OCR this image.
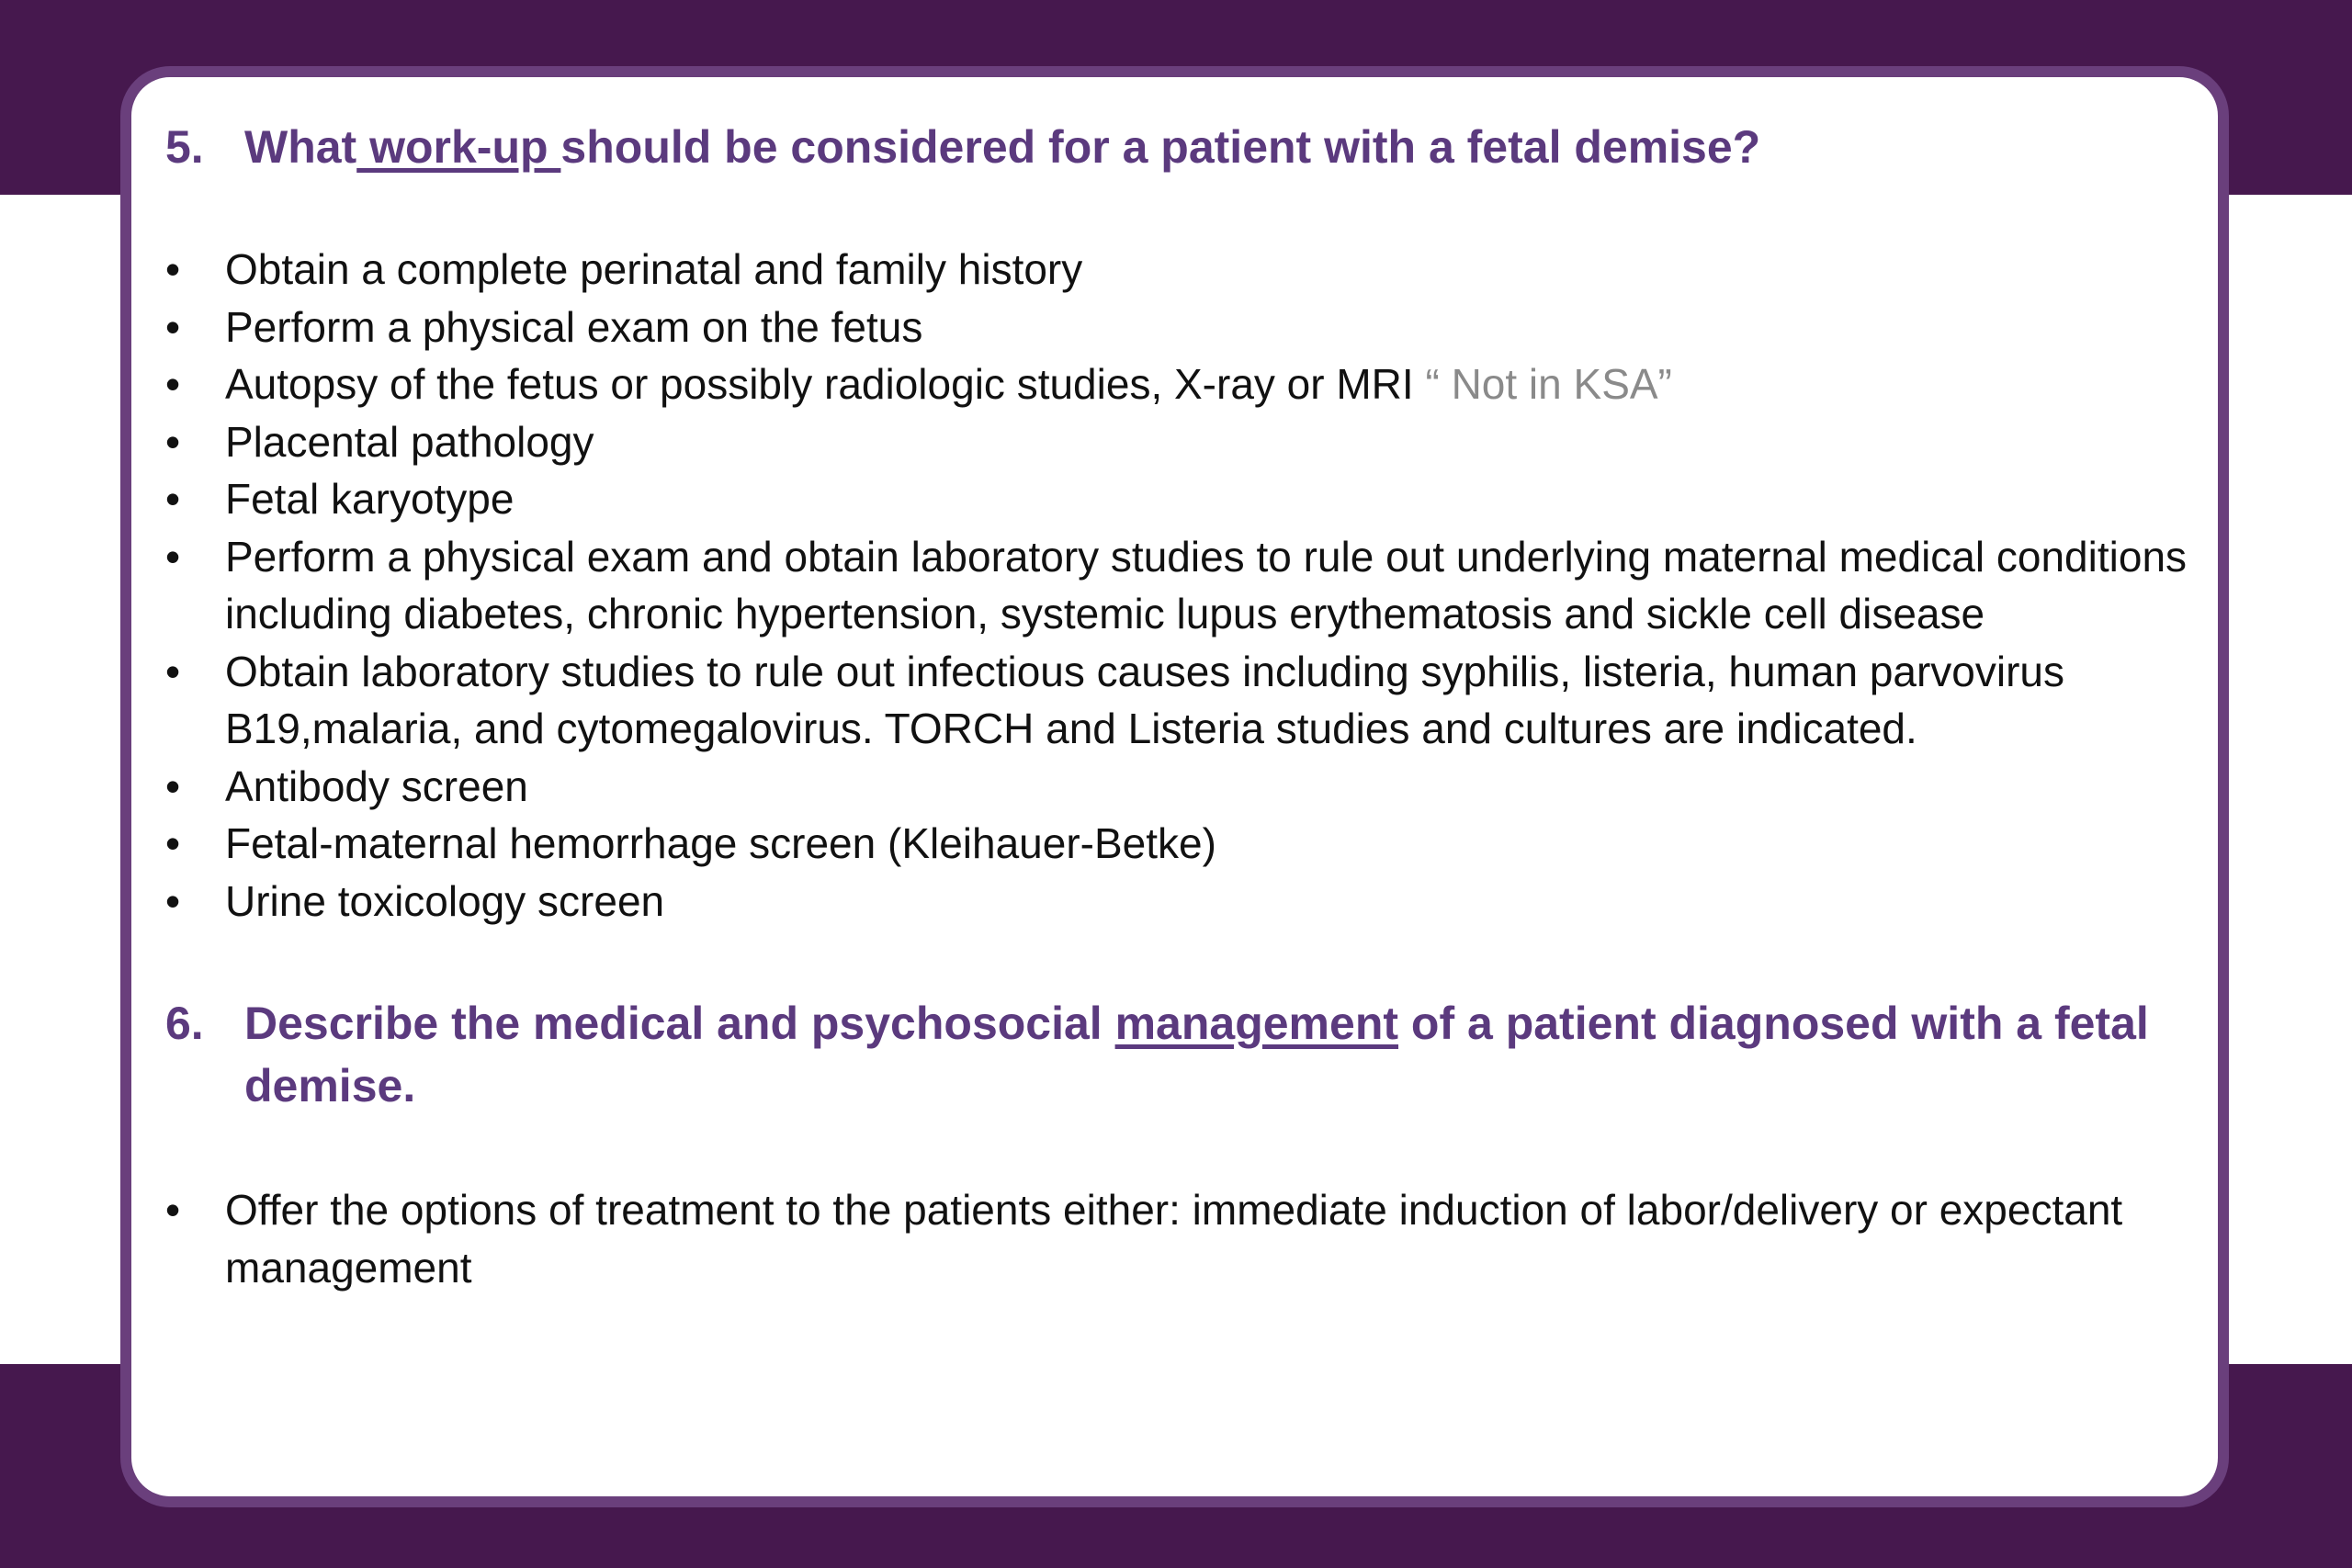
5. What work-up should be considered for a patient with a fetal demise?
•	Obtain a complete perinatal and family history
•	Perform a physical exam on the fetus
•	Autopsy of the fetus or possibly radiologic studies, X-ray or MRI “ Not in KSA”
•	Placental pathology
•	Fetal karyotype
•	Perform a physical exam and obtain laboratory studies to rule out underlying maternal medical conditions including diabetes, chronic hypertension, systemic lupus erythematosis and sickle cell disease
•	Obtain laboratory studies to rule out infectious causes including syphilis, listeria, human parvovirus B19,malaria, and cytomegalovirus. TORCH and Listeria studies and cultures are indicated.
•	Antibody screen
•	Fetal-maternal hemorrhage screen (Kleihauer-Betke)
•	Urine toxicology screen
6. Describe the medical and psychosocial management of a patient diagnosed with a fetal demise.
•	Offer the options of treatment to the patients either: immediate induction of labor/delivery or expectant management
